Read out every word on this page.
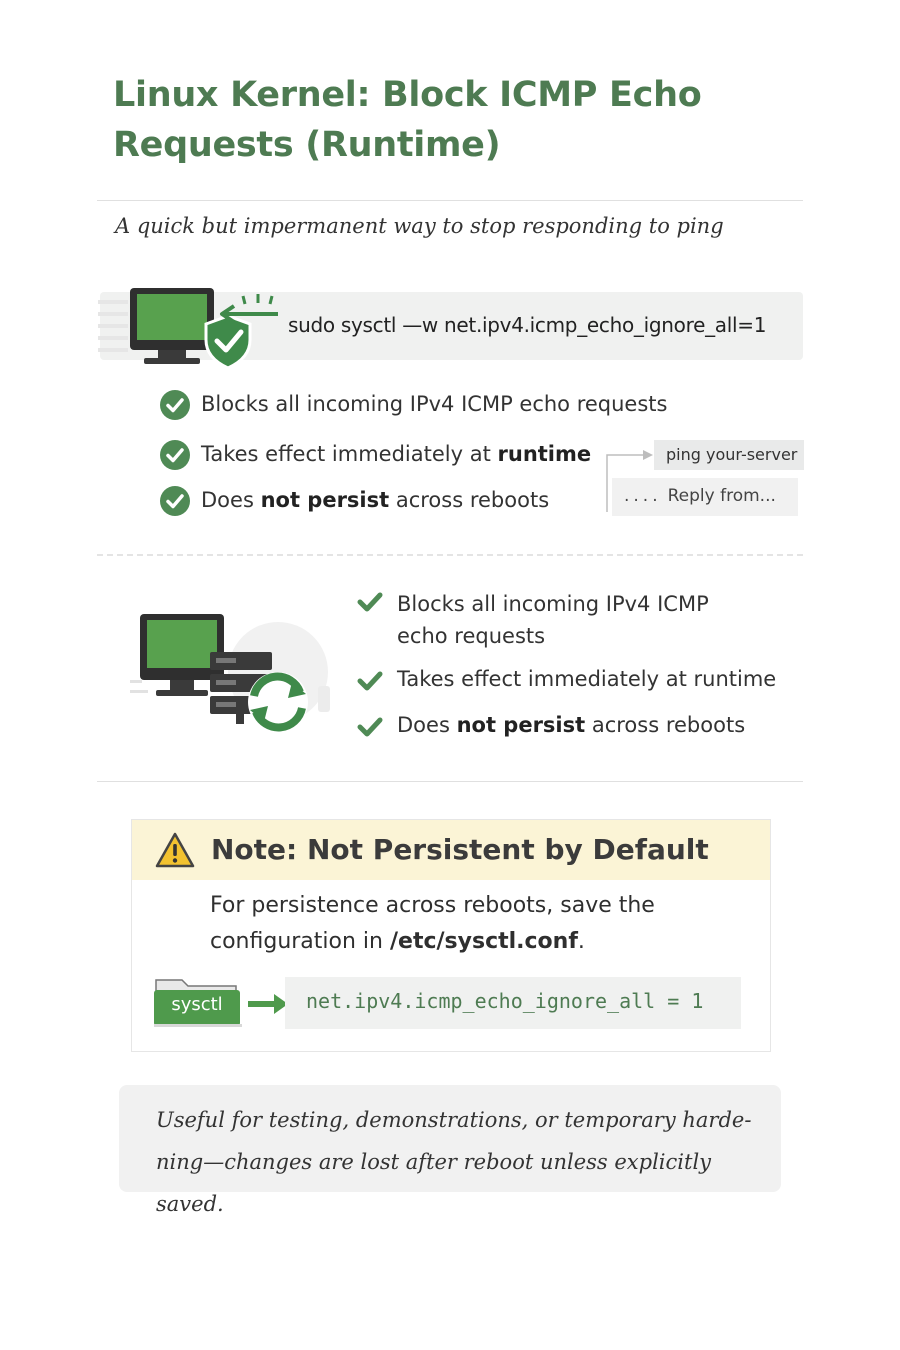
Linux Kernel: Block ICMP Echo Requests (Runtime)
A quick but impermanent way to stop responding to ping
sudo sysctl —w net.ipv4.icmp_echo_ignore_all=1
Blocks all incoming IPv4 ICMP echo requests
Takes effect immediately at runtime
Does not persist across reboots
ping your-server
.... Reply from...
Blocks all incoming IPv4 ICMP
echo requests
Takes effect immediately at runtime
Does not persist across reboots
Note: Not Persistent by Default
For persistence across reboots, save the configuration in /etc/sysctl.conf.
sysctl	net.ipv4.icmp_echo_ignore_all = 1
Useful for testing, demonstrations, or temporary harde-ning—changes are lost after reboot unless explicitly saved.
